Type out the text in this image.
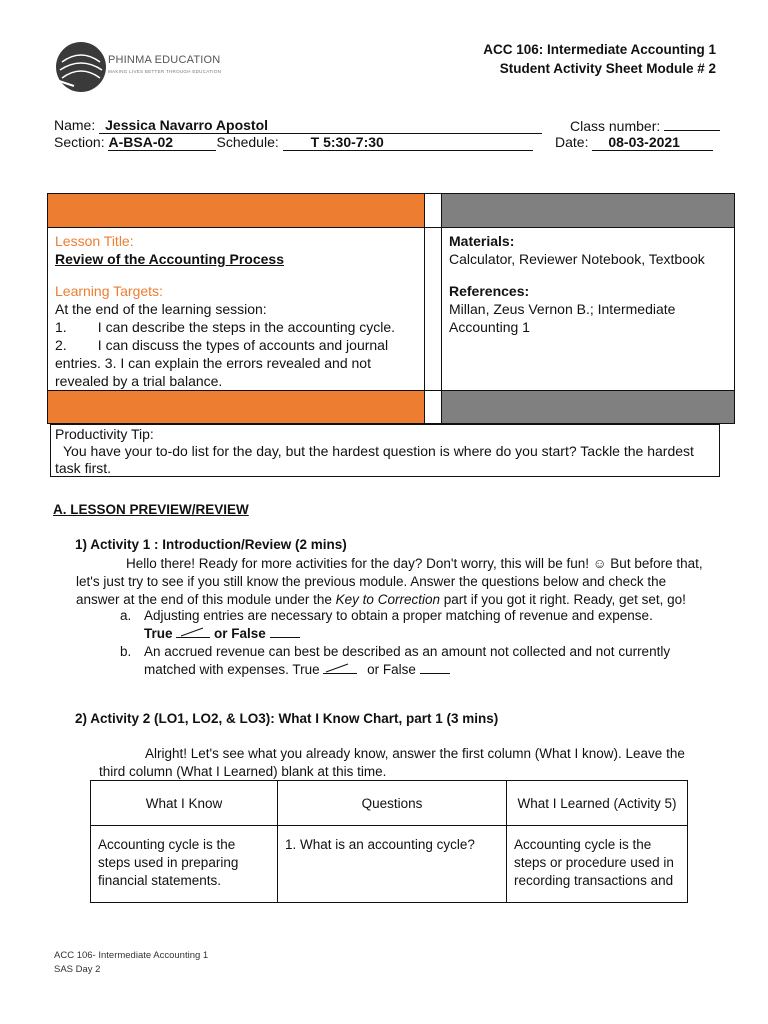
PHINMA EDUCATION
MAKING LIVES BETTER THROUGH EDUCATION
ACC 106: Intermediate Accounting 1
Student Activity Sheet Module # 2
Name: Jessica Navarro Apostol	Class number:
Section: A-BSA-02	Schedule: T 5:30-7:30	Date: 08-03-2021
Lesson Title:
Review of the Accounting Process
Learning Targets:
At the end of the learning session:
1.        I can describe the steps in the accounting cycle.
2.        I can discuss the types of accounts and journal
entries. 3. I can explain the errors revealed and not
revealed by a trial balance.
Materials:
Calculator, Reviewer Notebook, Textbook
References:
Millan, Zeus Vernon B.; Intermediate
Accounting 1
Productivity Tip:
You have your to-do list for the day, but the hardest question is where do you start? Tackle the hardest
task first.
A. LESSON PREVIEW/REVIEW
1) Activity 1 : Introduction/Review (2 mins)
Hello there! Ready for more activities for the day? Don't worry, this will be fun! ☺ But before that,
let's just try to see if you still know the previous module. Answer the questions below and check the
answer at the end of this module under the Key to Correction part if you got it right. Ready, get set, go!
a. Adjusting entries are necessary to obtain a proper matching of revenue and expense.
True	or False
b. An accrued revenue can best be described as an amount not collected and not currently
matched with expenses. True	or False
2) Activity 2 (LO1, LO2, & LO3): What I Know Chart, part 1 (3 mins)
Alright! Let's see what you already know, answer the first column (What I know). Leave the
third column (What I Learned) blank at this time.
What I Know	Questions	What I Learned (Activity 5)
Accounting cycle is the steps used in preparing financial statements.	1. What is an accounting cycle?	Accounting cycle is the steps or procedure used in recording transactions and
ACC 106- Intermediate Accounting 1
SAS Day 2
